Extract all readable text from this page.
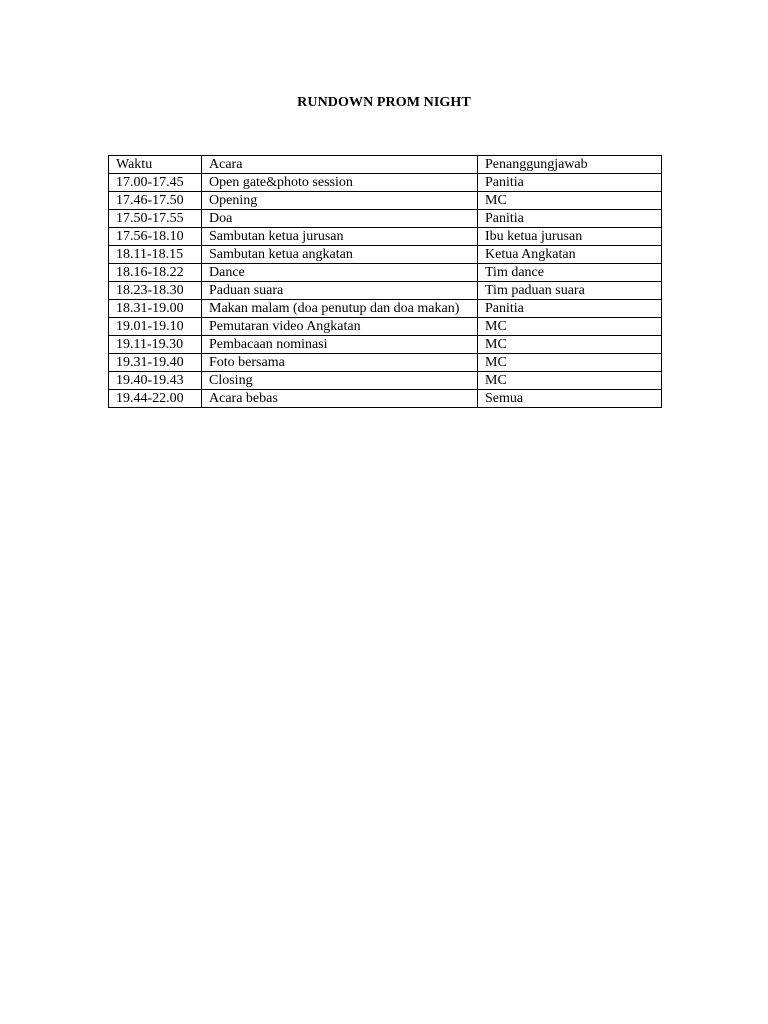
RUNDOWN PROM NIGHT
Waktu	Acara	Penanggungjawab
17.00-17.45	Open gate&photo session	Panitia
17.46-17.50	Opening	MC
17.50-17.55	Doa	Panitia
17.56-18.10	Sambutan ketua jurusan	Ibu ketua jurusan
18.11-18.15	Sambutan ketua angkatan	Ketua Angkatan
18.16-18.22	Dance	Tim dance
18.23-18.30	Paduan suara	Tim paduan suara
18.31-19.00	Makan malam (doa penutup dan doa makan)	Panitia
19.01-19.10	Pemutaran video Angkatan	MC
19.11-19.30	Pembacaan nominasi	MC
19.31-19.40	Foto bersama	MC
19.40-19.43	Closing	MC
19.44-22.00	Acara bebas	Semua
